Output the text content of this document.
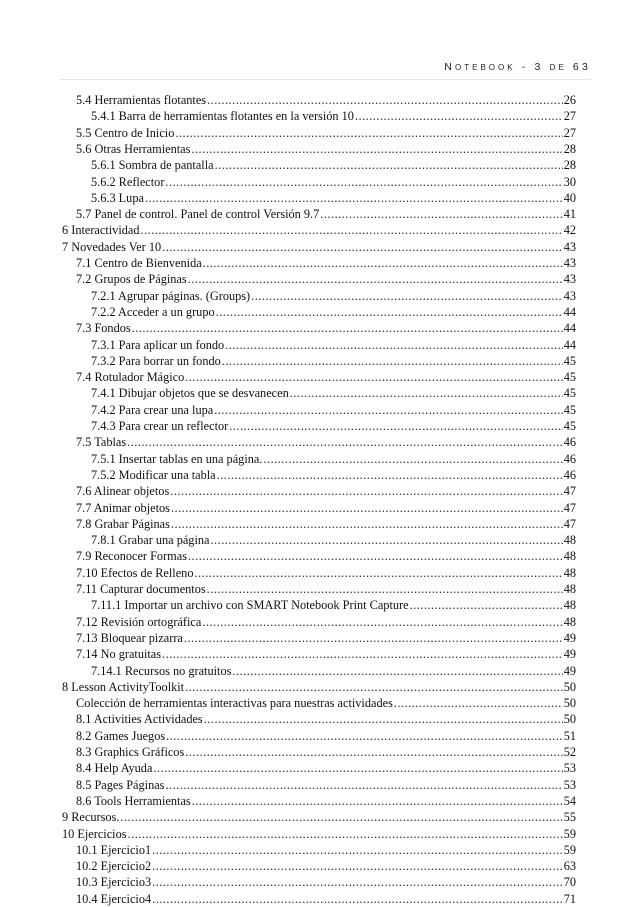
NOTEBOOK - 3 DE 63
5.4 Herramientas flotantes .....	26
5.4.1 Barra de herramientas flotantes en la versión 10 .....	27
5.5 Centro de Inicio .....	27
5.6 Otras Herramientas .....	28
5.6.1 Sombra de pantalla .....	28
5.6.2 Reflector .....	30
5.6.3 Lupa .....	40
5.7 Panel de control. Panel de control Versión 9.7 .....	41
6 Interactividad .....	42
7 Novedades Ver 10 .....	43
7.1 Centro de Bienvenida .....	43
7.2 Grupos de Páginas .....	43
7.2.1 Agrupar páginas. (Groups) .....	43
7.2.2 Acceder a un grupo .....	44
7.3 Fondos .....	44
7.3.1 Para aplicar un fondo .....	44
7.3.2 Para borrar un fondo .....	45
7.4 Rotulador Mágico .....	45
7.4.1 Dibujar objetos que se desvanecen .....	45
7.4.2 Para crear una lupa .....	45
7.4.3 Para crear un reflector .....	45
7.5 Tablas .....	46
7.5.1 Insertar tablas en una página. .....	46
7.5.2 Modificar una tabla .....	46
7.6 Alinear objetos .....	47
7.7 Animar objetos .....	47
7.8 Grabar Páginas .....	47
7.8.1 Grabar una página .....	48
7.9 Reconocer Formas .....	48
7.10 Efectos de Relleno .....	48
7.11 Capturar documentos .....	48
7.11.1 Importar un archivo con SMART Notebook Print Capture .....	48
7.12 Revisión ortográfica .....	48
7.13 Bloquear pizarra .....	49
7.14 No gratuitas .....	49
7.14.1 Recursos no gratuitos .....	49
8 Lesson ActivityToolkit .....	50
Colección de herramientas interactivas para nuestras actividades .....	50
8.1 Activities Actividades .....	50
8.2 Games Juegos .....	51
8.3 Graphics Gráficos .....	52
8.4 Help Ayuda .....	53
8.5 Pages Páginas .....	53
8.6 Tools Herramientas .....	54
9 Recursos. .....	55
10 Ejercicios .....	59
10.1 Ejercicio1 .....	59
10.2 Ejercicio2 .....	63
10.3 Ejercicio3 .....	70
10.4 Ejercicio4 .....	71
